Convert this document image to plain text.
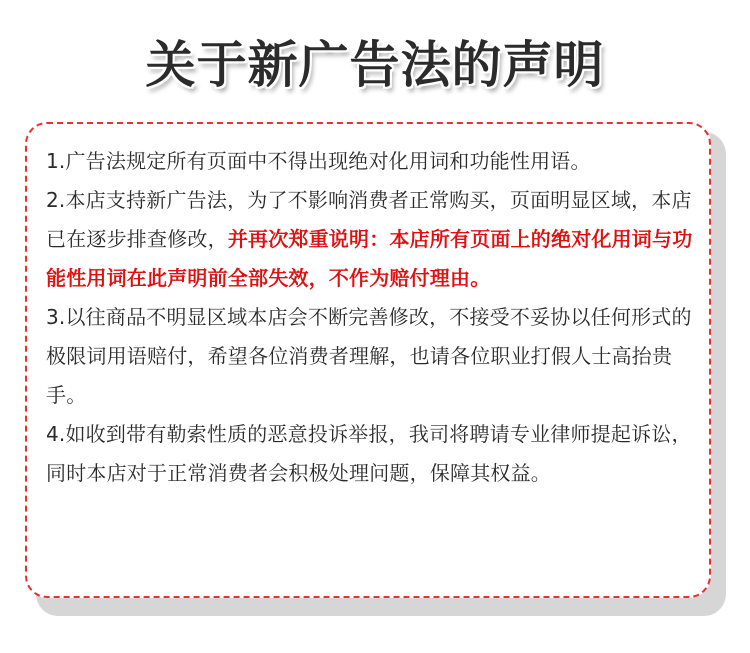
关于新广告法的声明

1.广告法规定所有页面中不得出现绝对化用词和功能性用语。

2.本店支持新广告法，为了不影响消费者正常购买，页面明显区域，本店已在逐步排查修改，并再次郑重说明：本店所有页面上的绝对化用词与功能性用词在此声明前全部失效，不作为赔付理由。

3.以往商品不明显区域本店会不断完善修改，不接受不妥协以任何形式的极限词用语赔付，希望各位消费者理解，也请各位职业打假人士高抬贵手。

4.如收到带有勒索性质的恶意投诉举报，我司将聘请专业律师提起诉讼，同时本店对于正常消费者会积极处理问题，保障其权益。
